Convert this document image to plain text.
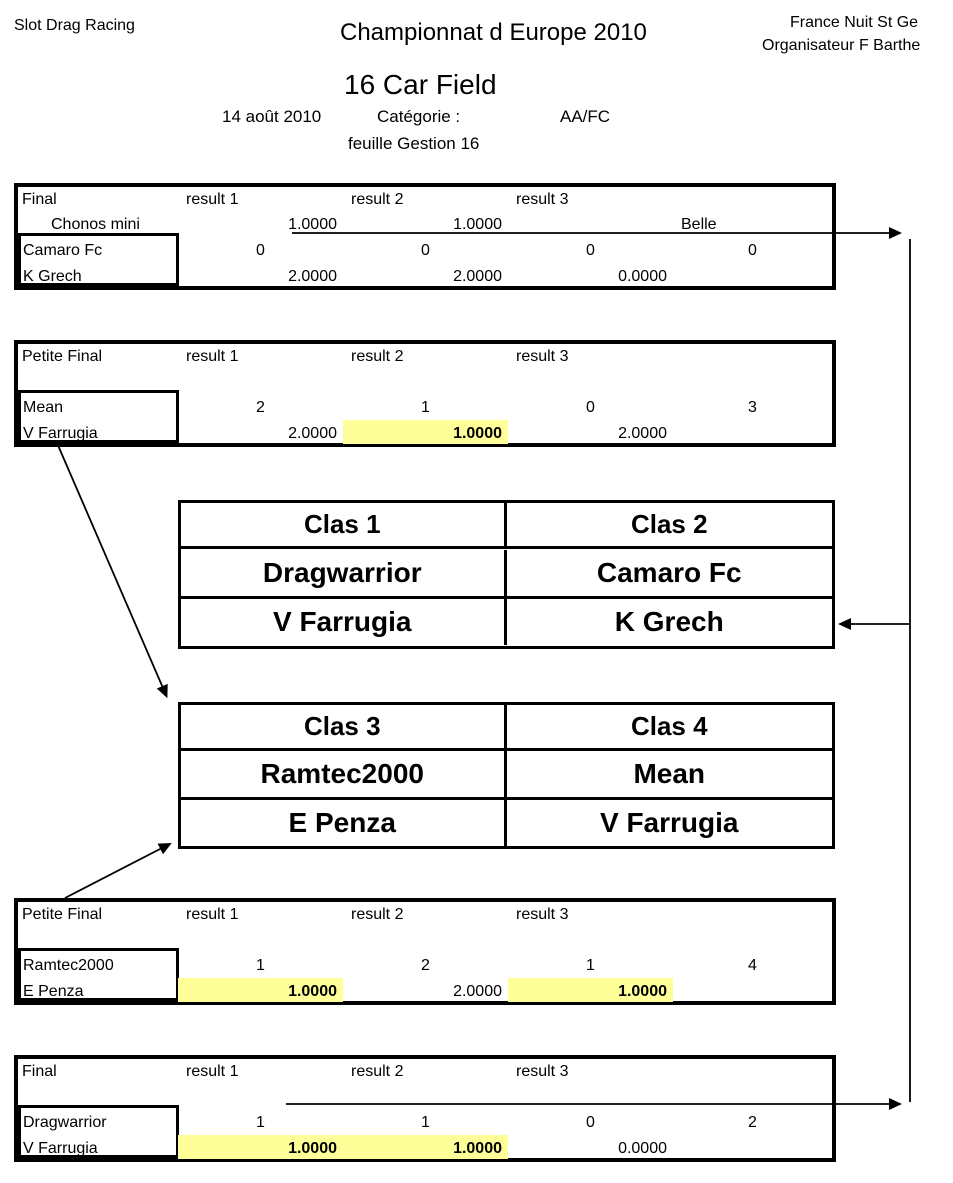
Slot Drag Racing	Championnat d Europe 2010	France Nuit St Ge
Organisateur F Barthe
16 Car Field
14 août 2010	Catégorie :	AA/FC
feuille Gestion 16
Final	result 1	result 2	result 3
Chonos mini	1.0000	1.0000	Belle
Camaro Fc	0	0	0	0
K Grech	2.0000	2.0000	0.0000
Petite Final	result 1	result 2	result 3
Mean	2	1	0	3
V Farrugia	2.0000	1.0000	2.0000
Clas 1	Clas 2
Dragwarrior	Camaro Fc
V Farrugia	K Grech
Clas 3	Clas 4
Ramtec2000	Mean
E Penza	V Farrugia
Petite Final	result 1	result 2	result 3
Ramtec2000	1	2	1	4
E Penza	1.0000	2.0000	1.0000
Final	result 1	result 2	result 3
Dragwarrior	1	1	0	2
V Farrugia	1.0000	1.0000	0.0000
